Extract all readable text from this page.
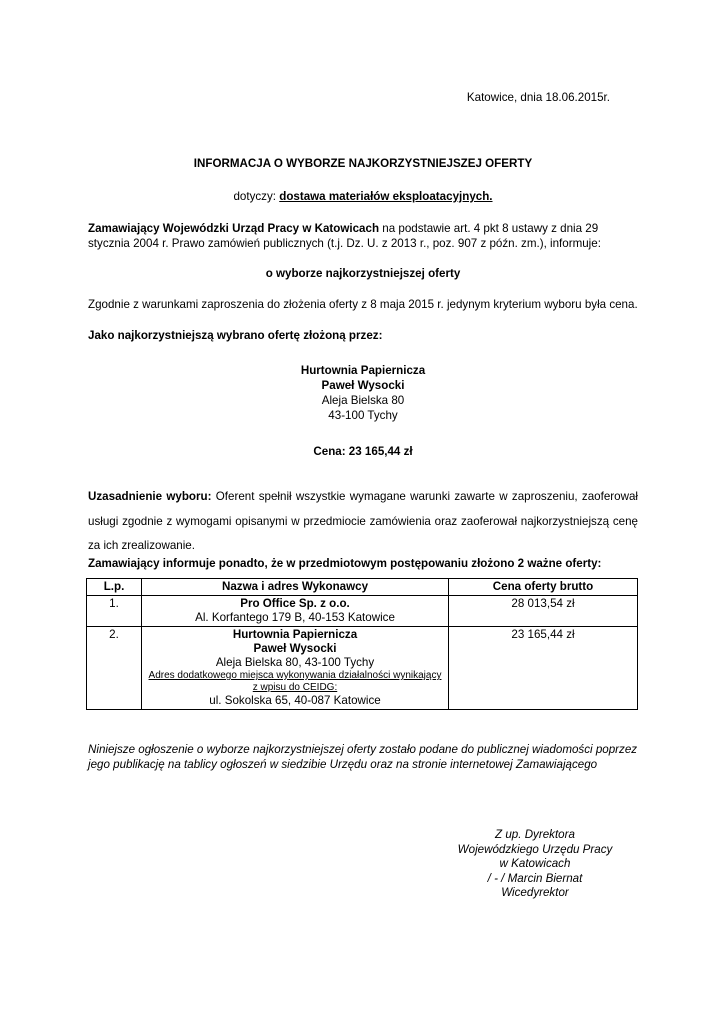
Katowice, dnia 18.06.2015r.
INFORMACJA O WYBORZE NAJKORZYSTNIEJSZEJ OFERTY
dotyczy: dostawa materiałów eksploatacyjnych.
Zamawiający Wojewódzki Urząd Pracy w Katowicach na podstawie art. 4 pkt 8 ustawy z dnia 29 stycznia 2004 r. Prawo zamówień publicznych (t.j. Dz. U. z 2013 r., poz. 907 z późn. zm.), informuje:
o wyborze najkorzystniejszej oferty
Zgodnie z warunkami zaproszenia do złożenia oferty z 8 maja 2015 r. jedynym kryterium wyboru była cena.
Jako najkorzystniejszą wybrano ofertę złożoną przez:
Hurtownia Papiernicza
Paweł Wysocki
Aleja Bielska 80
43-100 Tychy
Cena: 23 165,44 zł
Uzasadnienie wyboru: Oferent spełnił wszystkie wymagane warunki zawarte w zaproszeniu, zaoferował usługi zgodnie z wymogami opisanymi w przedmiocie zamówienia oraz zaoferował najkorzystniejszą cenę za ich zrealizowanie.
Zamawiający informuje ponadto, że w przedmiotowym postępowaniu złożono 2 ważne oferty:
L.p.	Nazwa i adres Wykonawcy	Cena oferty brutto
1.	Pro Office Sp. z o.o.
Al. Korfantego 179 B, 40-153 Katowice	28 013,54 zł
2.	Hurtownia Papiernicza
Paweł Wysocki
Aleja Bielska 80, 43-100 Tychy
Adres dodatkowego miejsca wykonywania działalności wynikający z wpisu do CEIDG:
ul. Sokolska 65, 40-087 Katowice	23 165,44 zł
Niniejsze ogłoszenie o wyborze najkorzystniejszej oferty zostało podane do publicznej wiadomości poprzez jego publikację na tablicy ogłoszeń w siedzibie Urzędu oraz na stronie internetowej Zamawiającego
Z up. Dyrektora
Wojewódzkiego Urzędu Pracy
w Katowicach
/ - / Marcin Biernat
Wicedyrektor
